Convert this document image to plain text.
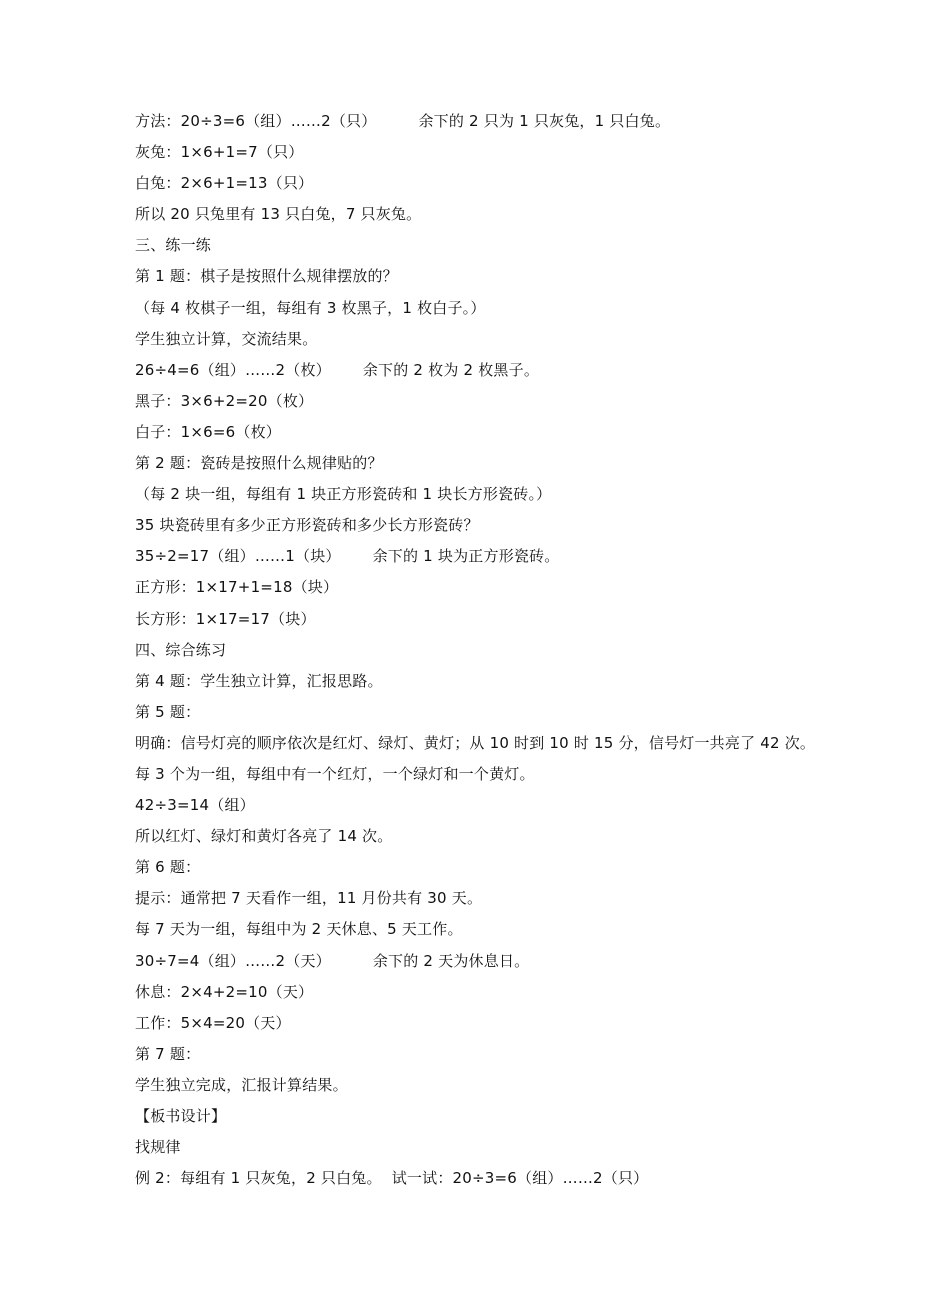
方法：20÷3=6（组）……2（只）	余下的 2 只为 1 只灰兔，1 只白兔。
灰兔：1×6+1=7（只）
白兔：2×6+1=13（只）
所以 20 只兔里有 13 只白兔，7 只灰兔。
三、练一练
第 1 题：棋子是按照什么规律摆放的？
（每 4 枚棋子一组，每组有 3 枚黑子，1 枚白子。）
学生独立计算，交流结果。
26÷4=6（组）……2（枚） 余下的 2 枚为 2 枚黑子。
黑子：3×6+2=20（枚）
白子：1×6=6（枚）
第 2 题：瓷砖是按照什么规律贴的？
（每 2 块一组，每组有 1 块正方形瓷砖和 1 块长方形瓷砖。）
35 块瓷砖里有多少正方形瓷砖和多少长方形瓷砖？
35÷2=17（组）……1（块） 余下的 1 块为正方形瓷砖。
正方形：1×17+1=18（块）
长方形：1×17=17（块）
四、综合练习
第 4 题：学生独立计算，汇报思路。
第 5 题：
明确：信号灯亮的顺序依次是红灯、绿灯、黄灯；从 10 时到 10 时 15 分，信号灯一共亮了 42 次。
每 3 个为一组，每组中有一个红灯，一个绿灯和一个黄灯。
42÷3=14（组）
所以红灯、绿灯和黄灯各亮了 14 次。
第 6 题：
提示：通常把 7 天看作一组，11 月份共有 30 天。
每 7 天为一组，每组中为 2 天休息、5 天工作。
30÷7=4（组）……2（天）	余下的 2 天为休息日。
休息：2×4+2=10（天）
工作：5×4=20（天）
第 7 题：
学生独立完成，汇报计算结果。
【板书设计】
找规律
例 2：每组有 1 只灰兔，2 只白兔。 试一试：20÷3=6（组）……2（只）
